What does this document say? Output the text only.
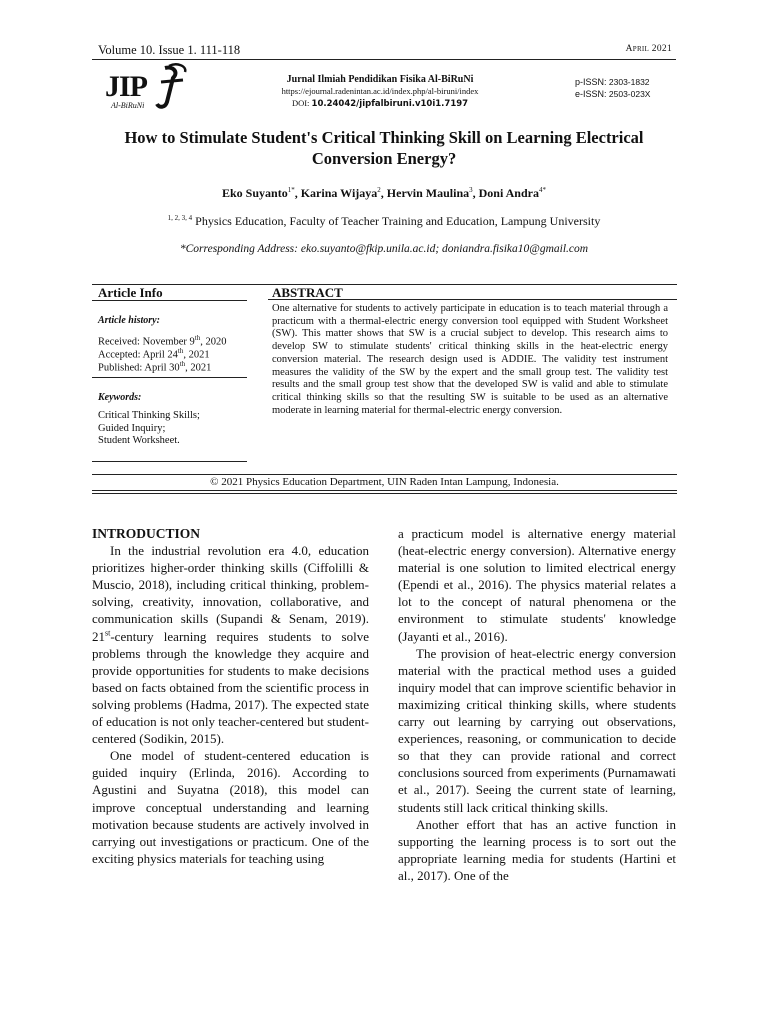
Volume 10. Issue 1. 111-118	April 2021
JIP
Al-BiRuNi
Jurnal Ilmiah Pendidikan Fisika Al-BiRuNi
https://ejournal.radenintan.ac.id/index.php/al-biruni/index
DOI: 10.24042/jipfalbiruni.v10i1.7197
p-ISSN: 2303-1832
e-ISSN: 2503-023X
How to Stimulate Student's Critical Thinking Skill on Learning Electrical
Conversion Energy?
Eko Suyanto$^{1*}$, Karina Wijaya$^2$, Hervin Maulina$^3$, Doni Andra$^{4*}$
$^{1, 2, 3, 4}$ Physics Education, Faculty of Teacher Training and Education, Lampung University
*Corresponding Address: eko.suyanto@fkip.unila.ac.id; doniandra.fisika10@gmail.com
Article Info	ABSTRACT
Article history:
Received: November 9th, 2020
Accepted: April 24th, 2021
Published: April 30th, 2021
Keywords:
Critical Thinking Skills;
Guided Inquiry;
Student Worksheet.
One alternative for students to actively participate in education is to teach material through a practicum with a thermal-electric energy conversion tool equipped with Student Worksheet (SW). This matter shows that SW is a crucial subject to develop. This research aims to develop SW to stimulate students' critical thinking skills in the heat-electric energy conversion material. The research design used is ADDIE. The validity test instrument measures the validity of the SW by the expert and the small group test. The validity test results and the small group test show that the developed SW is valid and able to stimulate critical thinking skills so that the resulting SW is suitable to be used as an alternative moderate in learning material for thermal-electric energy conversion.
© 2021 Physics Education Department, UIN Raden Intan Lampung, Indonesia.
INTRODUCTION

In the industrial revolution era 4.0, education prioritizes higher-order thinking skills (Ciffolilli & Muscio, 2018), including critical thinking, problem-solving, creativity, innovation, collaborative, and communication skills (Supandi & Senam, 2019). 21st-century learning requires students to solve problems through the knowledge they acquire and provide opportunities for students to make decisions based on facts obtained from the scientific process in solving problems (Hadma, 2017). The expected state of education is not only teacher-centered but student-centered (Sodikin, 2015).

One model of student-centered education is guided inquiry (Erlinda, 2016). According to Agustini and Suyatna (2018), this model can improve conceptual understanding and learning motivation because students are actively involved in carrying out investigations or practicum. One of the exciting physics materials for teaching using

a practicum model is alternative energy material (heat-electric energy conversion). Alternative energy material is one solution to limited electrical energy (Ependi et al., 2016). The physics material relates a lot to the concept of natural phenomena or the environment to stimulate students' knowledge (Jayanti et al., 2016).

The provision of heat-electric energy conversion material with the practical method uses a guided inquiry model that can improve scientific behavior in maximizing critical thinking skills, where students carry out learning by carrying out observations, experiences, reasoning, or communication to decide so that they can provide rational and correct conclusions sourced from experiments (Purnamawati et al., 2017). Seeing the current state of learning, students still lack critical thinking skills.

Another effort that has an active function in supporting the learning process is to sort out the appropriate learning media for students (Hartini et al., 2017). One of the
